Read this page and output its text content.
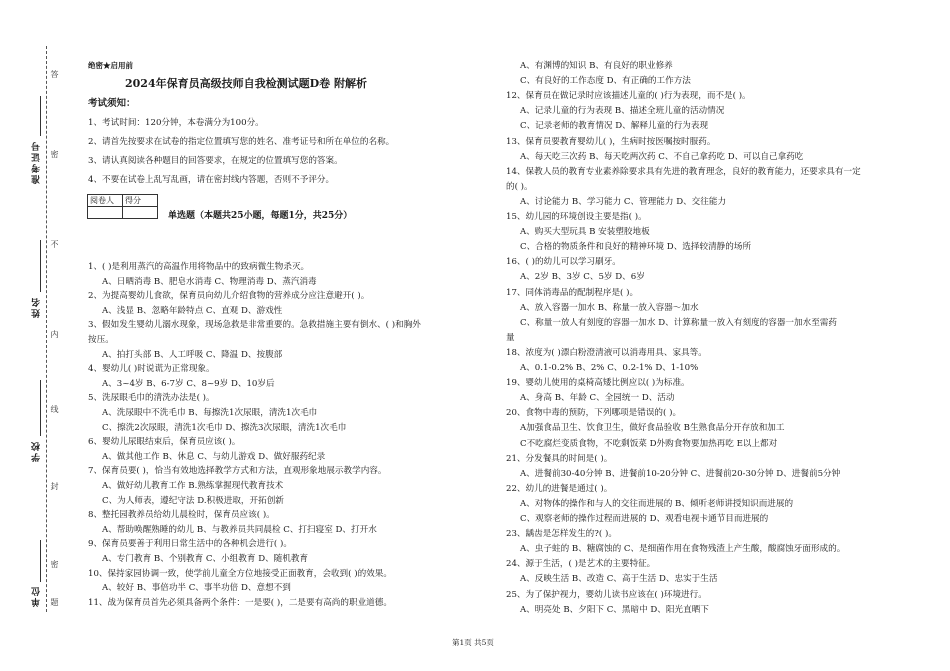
准考证号
姓名
学校
单位
答
密
不
内
线
封
密
题
绝密★启用前
2024年保育员高级技师自我检测试题D卷 附解析
考试须知：
1、考试时间：120分钟，本卷满分为100分。
2、请首先按要求在试卷的指定位置填写您的姓名、准考证号和所在单位的名称。
3、请认真阅读各种题目的回答要求，在规定的位置填写您的答案。
4、不要在试卷上乱写乱画，请在密封线内答题，否则不予评分。
阅卷人	得分

单选题（本题共25小题，每题1分，共25分）
1、( )是利用蒸汽的高温作用将物品中的致病微生物杀灭。
A、日晒消毒 B、肥皂水消毒 C、物理消毒 D、蒸汽消毒
2、为提高婴幼儿食欲，保育员向幼儿介绍食物的营养成分应注意避开( )。
A、浅显 B、忽略年龄特点 C、直观 D、游戏性
3、假如发生婴幼儿溺水现象，现场急救是非常重要的。急救措施主要有倒水、( )和胸外
按压。
A、拍打头部 B、人工呼吸 C、降温 D、按腹部
4、婴幼儿( )时说谎为正常现象。
A、3~4岁 B、6-7岁 C、8~9岁 D、10岁后
5、洗尿眼毛巾的清洗办法是( )。
A、洗尿眼中不洗毛巾 B、每擦洗1次尿眼，清洗1次毛巾
C、擦洗2次尿眼，清洗1次毛巾 D、擦洗3次尿眼，清洗1次毛巾
6、婴幼儿尿眼结束后，保育员应该( )。
A、做其他工作 B、休息 C、与幼儿游戏 D、做好服药纪录
7、保育员要( )，恰当有效地选择教学方式和方法，直观形象地展示教学内容。
A、做好幼儿教育工作 B.熟练掌握现代教育技术
C、为人师表，遵纪守法 D.积极进取，开拓创新
8、整托园教养员给幼儿晨检时，保育员应该( )。
A、帮助唤醒熟睡的幼儿 B、与教养员共同晨检 C、打扫寝室 D、打开水
9、保育员要善于利用日常生活中的各种机会进行( )。
A、专门教育 B、个别教育 C、小组教育 D、随机教育
10、保持家园协调一致，使学前儿童全方位地接受正面教育，会收到( )的效果。
A、较好 B、事倍功半 C、事半功倍 D、意想不到
11、战为保育员首先必须具备两个条件：一是要( )，二是要有高尚的职业道德。
A、有渊博的知识 B、有良好的职业修养
C、有良好的工作态度 D、有正确的工作方法
12、保育员在做记录时应该描述儿童的( )行为表现，而不是( )。
A、记录儿童的行为表现 B、描述全班儿童的活动情况
C、记录老师的教育情况 D、解释儿童的行为表现
13、保育员要教育婴幼儿( )，生病时按医嘱按时服药。
A、每天吃三次药 B、每天吃两次药 C、不自己拿药吃 D、可以自己拿药吃
14、保教人员的教育专业素养除要求具有先进的教育理念，良好的教育能力，还要求具有一定
的( )。
A、讨论能力 B、学习能力 C、管理能力 D、交往能力
15、幼儿园的环境创设主要是指( )。
A、购买大型玩具 B 安装塑胶地板
C、合格的物质条件和良好的精神环境 D、选择较清静的场所
16、( )的幼儿可以学习刷牙。
A、2岁 B、3岁 C、5岁 D、6岁
17、同体消毒品的配制程序是( )。
A、放入容器一加水 B、称量一放入容器～加水
C、称量一放人有刻度的容器一加水 D、计算称量一放入有刻度的容器一加水至需药
量
18、浓度为( )漂白粉澄清液可以消毒用具、家具等。
A、0.1-0.2% B、2% C、0.2-1% D、1-10%
19、婴幼儿使用的桌椅高矮比例应以( )为标准。
A、身高 B、年龄 C、全园统一 D、活动
20、食物中毒的预防，下列哪项是错误的( )。
A加强食品卫生、饮食卫生，做好食品验收 B生熟食品分开存放和加工
C不吃腐烂变质食物，不吃剩饭菜 D外购食物要加热再吃 E以上都对
21、分发餐具的时间是( )。
A、进餐前30-40分钟 B、进餐前10-20分钟 C、进餐前20-30分钟 D、进餐前5分钟
22、幼儿的进餐是通过( )。
A、对物体的操作和与人的交往而进展的 B、倾听老师讲授知识而进展的
C、观察老师的操作过程而进展的 D、观看电视卡通节目而进展的
23、龋齿是怎样发生的?( )。
A、虫子蛀的 B、糖腐蚀的 C、是细菌作用在食物残渣上产生酸，酸腐蚀牙面形成的。
24、源于生活，( )是艺术的主要特征。
A、反映生活 B、改造 C、高于生活 D、忠实于生活
25、为了保护视力，婴幼儿读书应该在( )环境进行。
A、明亮处 B、夕阳下 C、黑暗中 D、阳光直晒下
第1页 共5页
